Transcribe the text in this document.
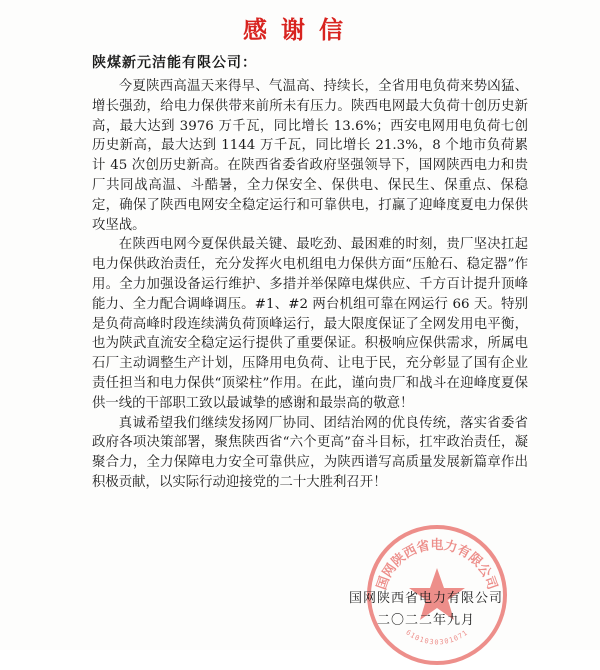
感谢信
陕煤新元洁能有限公司：

今夏陕西高温天来得早、气温高、持续长，全省用电负荷来势凶猛、增长强劲，给电力保供带来前所未有压力。陕西电网最大负荷十创历史新高，最大达到 3976 万千瓦，同比增长 13.6%；西安电网用电负荷七创历史新高，最大达到 1144 万千瓦，同比增长 21.3%，8 个地市负荷累计 45 次创历史新高。在陕西省委省政府坚强领导下，国网陕西电力和贵厂共同战高温、斗酷暑，全力保安全、保供电、保民生、保重点、保稳定，确保了陕西电网安全稳定运行和可靠供电，打赢了迎峰度夏电力保供攻坚战。

在陕西电网今夏保供最关键、最吃劲、最困难的时刻，贵厂坚决扛起电力保供政治责任，充分发挥火电机组电力保供方面“压舱石、稳定器”作用。全力加强设备运行维护、多措并举保障电煤供应、千方百计提升顶峰能力、全力配合调峰调压。#1、#2 两台机组可靠在网运行 66 天。特别是负荷高峰时段连续满负荷顶峰运行，最大限度保证了全网发用电平衡，也为陕武直流安全稳定运行提供了重要保证。积极响应保供需求，所属电石厂主动调整生产计划，压降用电负荷、让电于民，充分彰显了国有企业责任担当和电力保供“顶梁柱”作用。在此，谨向贵厂和战斗在迎峰度夏保供一线的干部职工致以最诚挚的感谢和最崇高的敬意！

真诚希望我们继续发扬网厂协同、团结治网的优良传统，落实省委省政府各项决策部署，聚焦陕西省“六个更高”奋斗目标，扛牢政治责任，凝聚合力，全力保障电力安全可靠供应，为陕西谱写高质量发展新篇章作出积极贡献，以实际行动迎接党的二十大胜利召开！

国网陕西省电力有限公司
6101030301071
国网陕西省电力有限公司
二〇二二年九月
